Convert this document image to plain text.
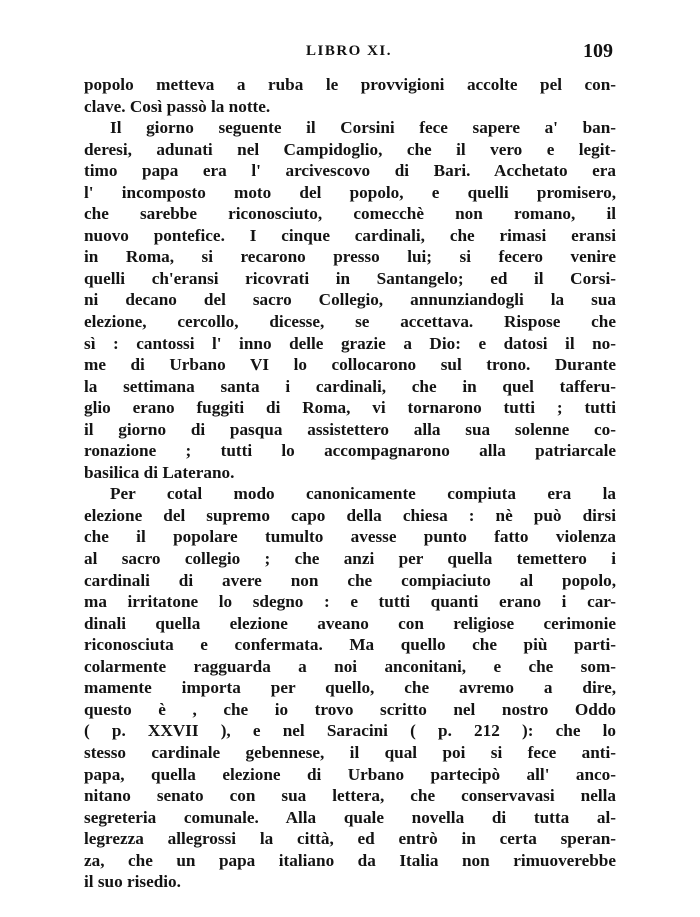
LIBRO XI.	109
popolo metteva a ruba le provvigioni accolte pel con-
clave. Così passò la notte.
Il giorno seguente il Corsini fece sapere a' ban-
deresi, adunati nel Campidoglio, che il vero e legit-
timo papa era l' arcivescovo di Bari. Acchetato era
l' incomposto moto del popolo, e quelli promisero,
che sarebbe riconosciuto, comecchè non romano, il
nuovo pontefice. I cinque cardinali, che rimasi eransi
in Roma, si recarono presso lui; si fecero venire
quelli ch'eransi ricovrati in Santangelo; ed il Corsi-
ni decano del sacro Collegio, annunziandogli la sua
elezione, cercollo, dicesse, se accettava. Rispose che
sì : cantossi l' inno delle grazie a Dio: e datosi il no-
me di Urbano VI lo collocarono sul trono. Durante
la settimana santa i cardinali, che in quel tafferu-
glio erano fuggiti di Roma, vi tornarono tutti ; tutti
il giorno di pasqua assistettero alla sua solenne co-
ronazione ; tutti lo accompagnarono alla patriarcale
basilica di Laterano.
Per cotal modo canonicamente compiuta era la
elezione del supremo capo della chiesa : nè può dirsi
che il popolare tumulto avesse punto fatto violenza
al sacro collegio ; che anzi per quella temettero i
cardinali di avere non che compiaciuto al popolo,
ma irritatone lo sdegno : e tutti quanti erano i car-
dinali quella elezione aveano con religiose cerimonie
riconosciuta e confermata. Ma quello che più parti-
colarmente ragguarda a noi anconitani, e che som-
mamente importa per quello, che avremo a dire,
questo è , che io trovo scritto nel nostro Oddo
( p. XXVII ), e nel Saracini ( p. 212 ): che lo
stesso cardinale gebennese, il qual poi si fece anti-
papa, quella elezione di Urbano partecipò all' anco-
nitano senato con sua lettera, che conservavasi nella
segreteria comunale. Alla quale novella di tutta al-
legrezza allegrossi la città, ed entrò in certa speran-
za, che un papa italiano da Italia non rimuoverebbe
il suo risedio.
